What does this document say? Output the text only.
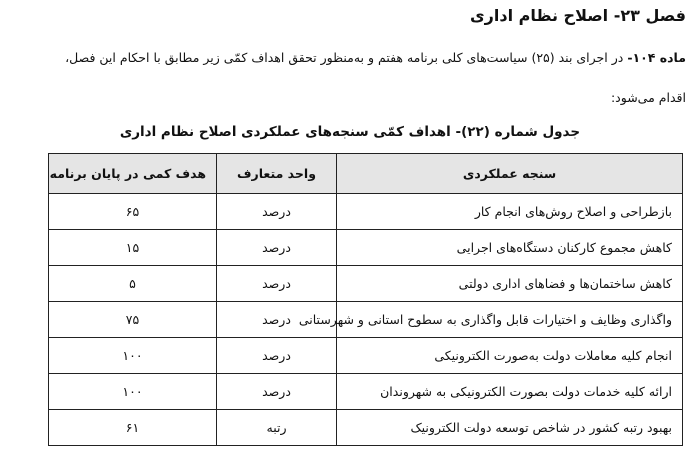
فصل ۲۳- اصلاح نظام اداری
ماده ۱۰۴- در اجرای بند (۲۵) سیاست‌های کلی برنامه هفتم و به‌منظور تحقق اهداف کمّی زیر مطابق با احکام این فصل،
اقدام می‌شود:
جدول شماره (۲۲)- اهداف کمّی سنجه‌های عملکردی اصلاح نظام اداری
سنجه عملکردی	واحد متعارف	هدف کمی در پایان برنامه
بازطراحی و اصلاح روش‌های انجام کار	درصد	۶۵
کاهش مجموع کارکنان دستگاه‌های اجرایی	درصد	۱۵
کاهش ساختمان‌ها و فضاهای اداری دولتی	درصد	۵
واگذاری وظایف و اختیارات قابل واگذاری به سطوح استانی و شهرستانی	درصد	۷۵
انجام کلیه معاملات دولت به‌صورت الکترونیکی	درصد	۱۰۰
ارائه کلیه خدمات دولت بصورت الکترونیکی به شهروندان	درصد	۱۰۰
بهبود رتبه کشور در شاخص توسعه دولت الکترونیک	رتبه	۶۱
